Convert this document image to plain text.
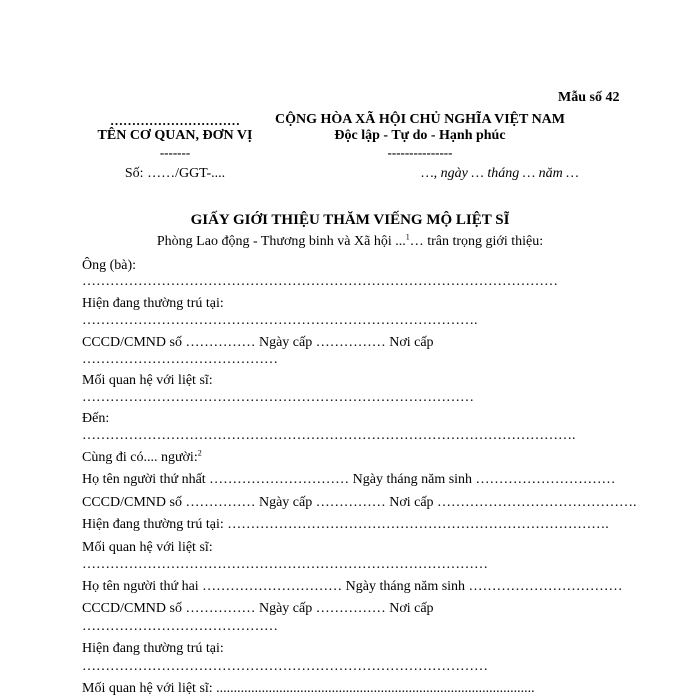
Mẫu số 42
…………………………
TÊN CƠ QUAN, ĐƠN VỊ
-------
Số: ……/GGT-....
CỘNG HÒA XÃ HỘI CHỦ NGHĨA VIỆT NAM
Độc lập - Tự do - Hạnh phúc
---------------
…, ngày … tháng … năm …
GIẤY GIỚI THIỆU THĂM VIẾNG MỘ LIỆT SĨ
Phòng Lao động - Thương binh và Xã hội ...$^1$… trân trọng giới thiệu:
Ông (bà):
…………………………………………………………………………………………
Hiện đang thường trú tại:
………………………………………………………………………….
CCCD/CMND số …………… Ngày cấp …………… Nơi cấp
……………………………………
Mối quan hệ với liệt sĩ:
…………………………………………………………………………
Đến:
…………………………………………………………………………………………….
Cùng đi có.... người:$^2$
Họ tên người thứ nhất ………………………… Ngày tháng năm sinh …………………………
CCCD/CMND số …………… Ngày cấp …………… Nơi cấp …………………………………….
Hiện đang thường trú tại: ……………………………………………………………………….
Mối quan hệ với liệt sĩ:
……………………………………………………………………………
Họ tên người thứ hai ………………………… Ngày tháng năm sinh ……………………………
CCCD/CMND số …………… Ngày cấp …………… Nơi cấp
……………………………………
Hiện đang thường trú tại:
……………………………………………………………………………
Mối quan hệ với liệt sĩ: ...........................................................................................
